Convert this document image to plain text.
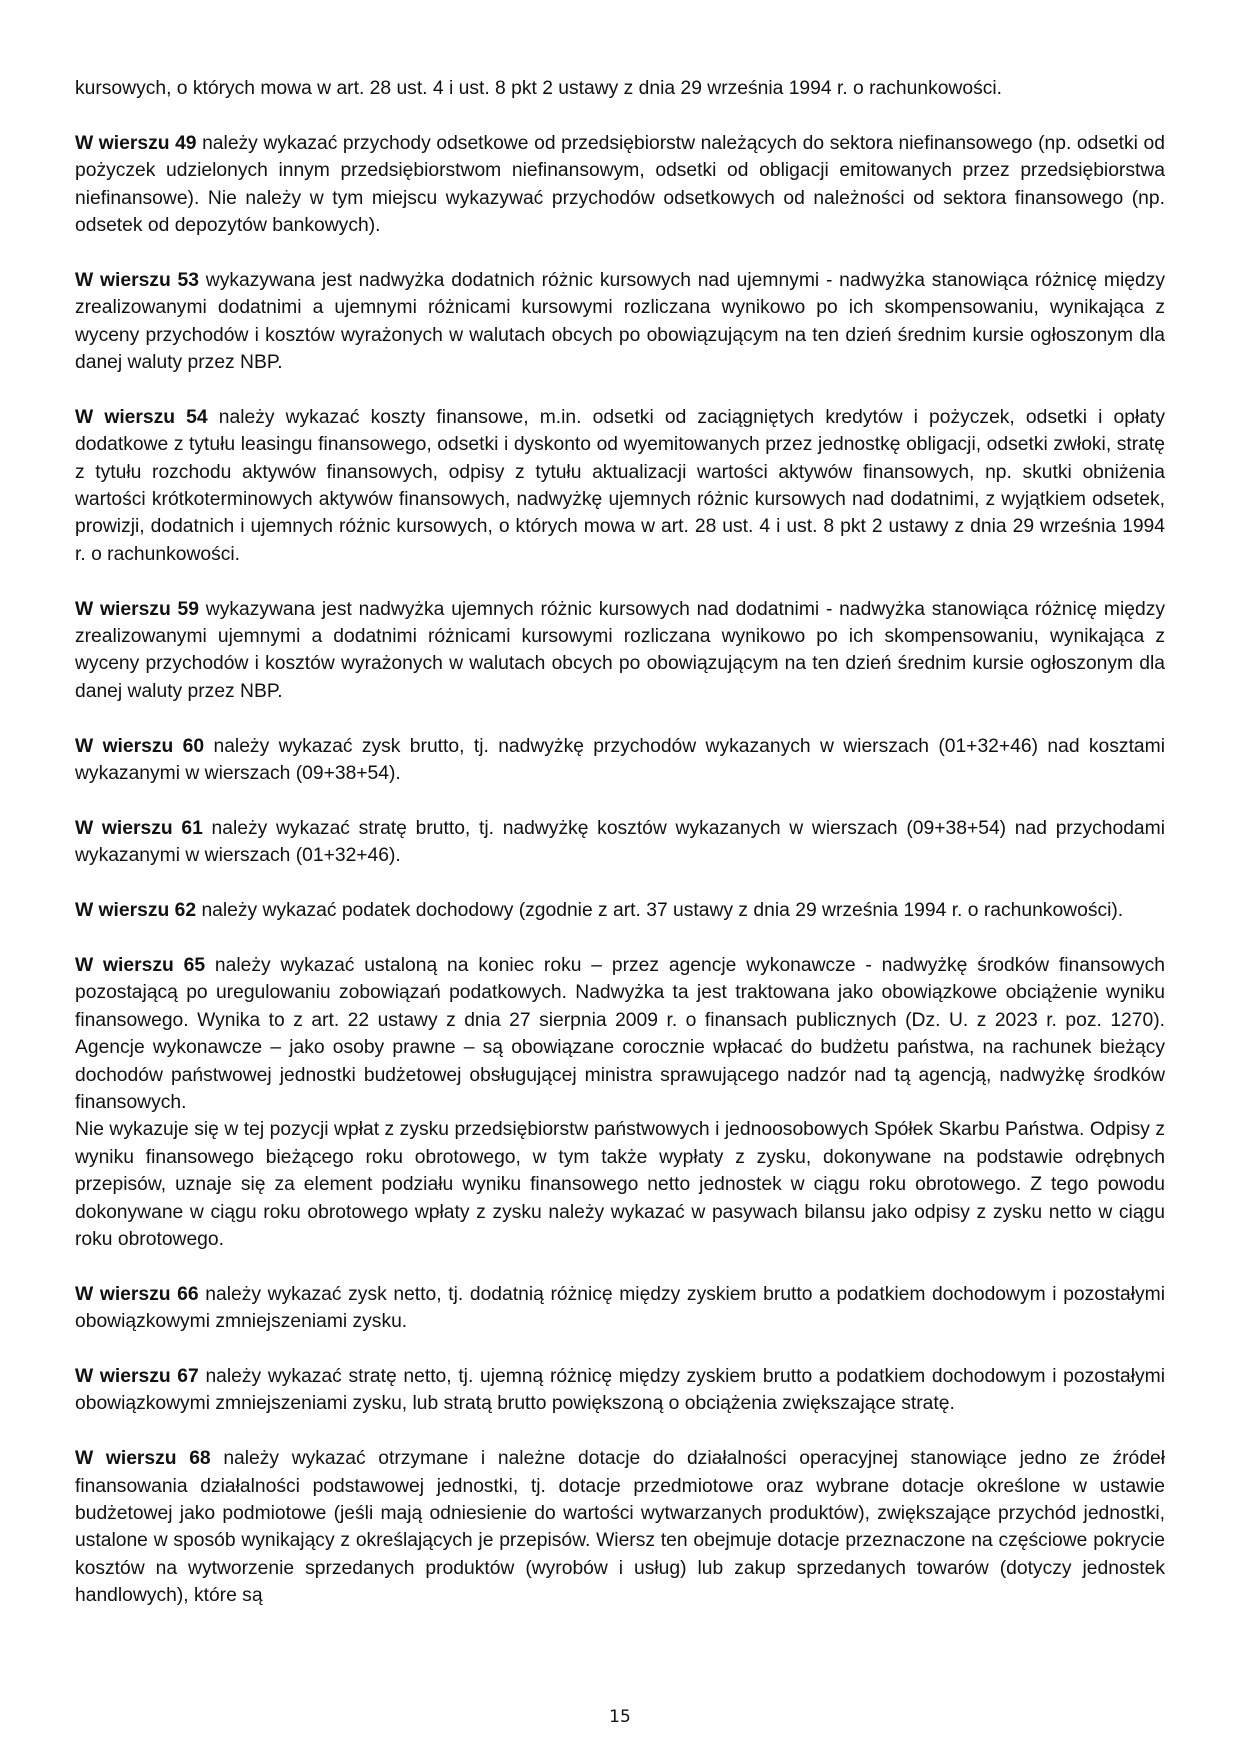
kursowych, o których mowa w art. 28 ust. 4 i ust. 8 pkt 2 ustawy z dnia 29 września 1994 r. o rachunkowości.

W wierszu 49 należy wykazać przychody odsetkowe od przedsiębiorstw należących do sektora niefinansowego (np. odsetki od pożyczek udzielonych innym przedsiębiorstwom niefinansowym, odsetki od obligacji emitowanych przez przedsiębiorstwa niefinansowe). Nie należy w tym miejscu wykazywać przychodów odsetkowych od należności od sektora finansowego (np. odsetek od depozytów bankowych).

W wierszu 53 wykazywana jest nadwyżka dodatnich różnic kursowych nad ujemnymi - nadwyżka stanowiąca różnicę między zrealizowanymi dodatnimi a ujemnymi różnicami kursowymi rozliczana wynikowo po ich skompensowaniu, wynikająca z wyceny przychodów i kosztów wyrażonych w walutach obcych po obowiązującym na ten dzień średnim kursie ogłoszonym dla danej waluty przez NBP.

W wierszu 54 należy wykazać koszty finansowe, m.in. odsetki od zaciągniętych kredytów i pożyczek, odsetki i opłaty dodatkowe z tytułu leasingu finansowego, odsetki i dyskonto od wyemitowanych przez jednostkę obligacji, odsetki zwłoki, stratę z tytułu rozchodu aktywów finansowych, odpisy z tytułu aktualizacji wartości aktywów finansowych, np. skutki obniżenia wartości krótkoterminowych aktywów finansowych, nadwyżkę ujemnych różnic kursowych nad dodatnimi, z wyjątkiem odsetek, prowizji, dodatnich i ujemnych różnic kursowych, o których mowa w art. 28 ust. 4 i ust. 8 pkt 2 ustawy z dnia 29 września 1994 r. o rachunkowości.

W wierszu 59 wykazywana jest nadwyżka ujemnych różnic kursowych nad dodatnimi - nadwyżka stanowiąca różnicę między zrealizowanymi ujemnymi a dodatnimi różnicami kursowymi rozliczana wynikowo po ich skompensowaniu, wynikająca z wyceny przychodów i kosztów wyrażonych w walutach obcych po obowiązującym na ten dzień średnim kursie ogłoszonym dla danej waluty przez NBP.

W wierszu 60 należy wykazać zysk brutto, tj. nadwyżkę przychodów wykazanych w wierszach (01+32+46) nad kosztami wykazanymi w wierszach (09+38+54).

W wierszu 61 należy wykazać stratę brutto, tj. nadwyżkę kosztów wykazanych w wierszach (09+38+54) nad przychodami wykazanymi w wierszach (01+32+46).

W wierszu 62 należy wykazać podatek dochodowy (zgodnie z art. 37 ustawy z dnia 29 września 1994 r. o rachunkowości).

W wierszu 65 należy wykazać ustaloną na koniec roku – przez agencje wykonawcze - nadwyżkę środków finansowych pozostającą po uregulowaniu zobowiązań podatkowych. Nadwyżka ta jest traktowana jako obowiązkowe obciążenie wyniku finansowego. Wynika to z art. 22 ustawy z dnia 27 sierpnia 2009 r. o finansach publicznych (Dz. U. z 2023 r. poz. 1270). Agencje wykonawcze – jako osoby prawne – są obowiązane corocznie wpłacać do budżetu państwa, na rachunek bieżący dochodów państwowej jednostki budżetowej obsługującej ministra sprawującego nadzór nad tą agencją, nadwyżkę środków finansowych.

Nie wykazuje się w tej pozycji wpłat z zysku przedsiębiorstw państwowych i jednoosobowych Spółek Skarbu Państwa. Odpisy z wyniku finansowego bieżącego roku obrotowego, w tym także wypłaty z zysku, dokonywane na podstawie odrębnych przepisów, uznaje się za element podziału wyniku finansowego netto jednostek w ciągu roku obrotowego. Z tego powodu dokonywane w ciągu roku obrotowego wpłaty z zysku należy wykazać w pasywach bilansu jako odpisy z zysku netto w ciągu roku obrotowego.

W wierszu 66 należy wykazać zysk netto, tj. dodatnią różnicę między zyskiem brutto a podatkiem dochodowym i pozostałymi obowiązkowymi zmniejszeniami zysku.

W wierszu 67 należy wykazać stratę netto, tj. ujemną różnicę między zyskiem brutto a podatkiem dochodowym i pozostałymi obowiązkowymi zmniejszeniami zysku, lub stratą brutto powiększoną o obciążenia zwiększające stratę.

W wierszu 68 należy wykazać otrzymane i należne dotacje do działalności operacyjnej stanowiące jedno ze źródeł finansowania działalności podstawowej jednostki, tj. dotacje przedmiotowe oraz wybrane dotacje określone w ustawie budżetowej jako podmiotowe (jeśli mają odniesienie do wartości wytwarzanych produktów), zwiększające przychód jednostki, ustalone w sposób wynikający z określających je przepisów. Wiersz ten obejmuje dotacje przeznaczone na częściowe pokrycie kosztów na wytworzenie sprzedanych produktów (wyrobów i usług) lub zakup sprzedanych towarów (dotyczy jednostek handlowych), które są

15
